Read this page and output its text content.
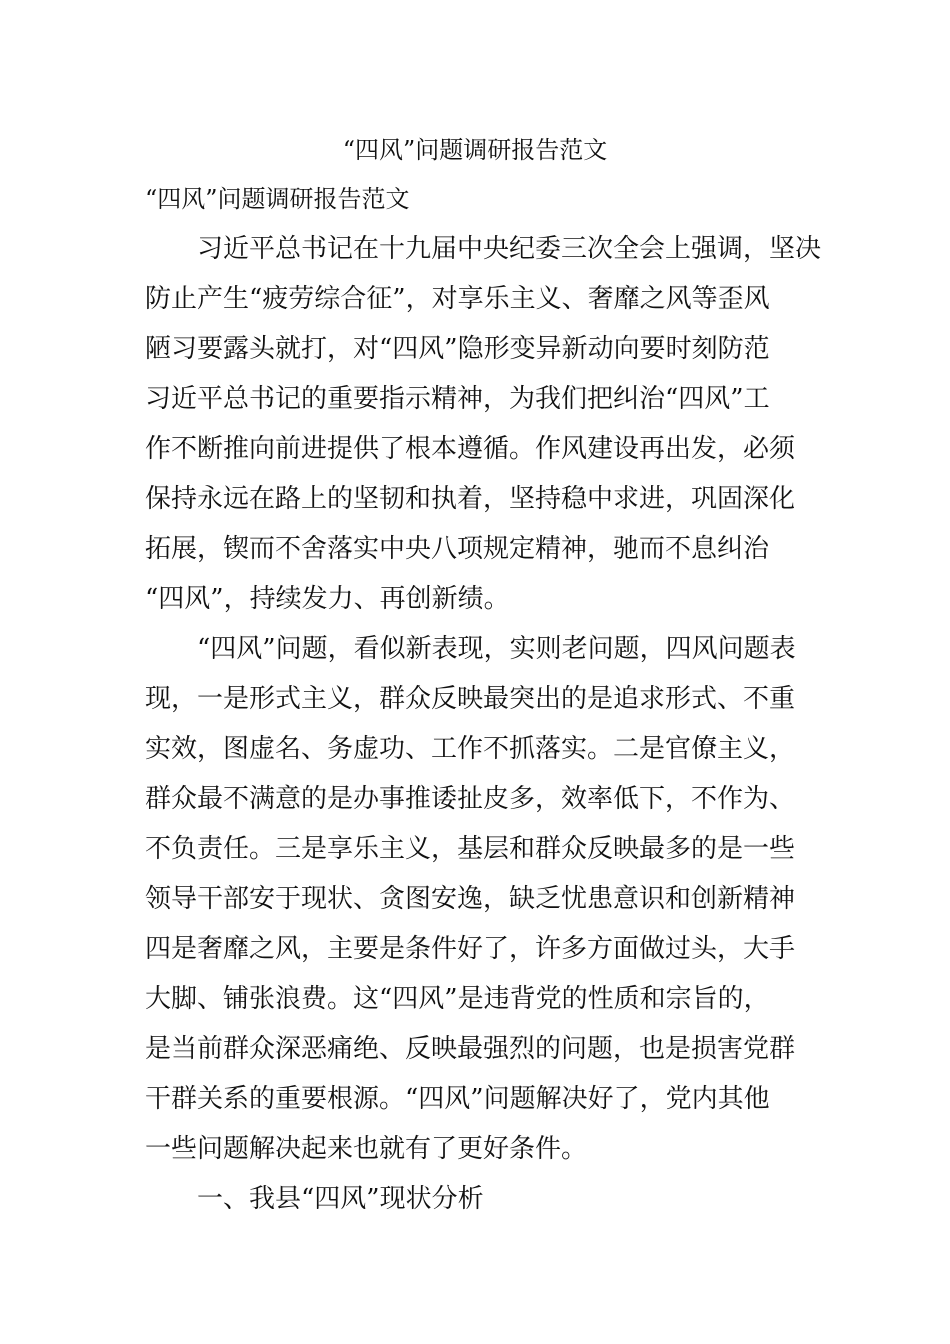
“四风”问题调研报告范文
“四风”问题调研报告范文
　　习近平总书记在十九届中央纪委三次全会上强调，坚决
防止产生“疲劳综合征”，对享乐主义、奢靡之风等歪风
陋习要露头就打，对“四风”隐形变异新动向要时刻防范
习近平总书记的重要指示精神，为我们把纠治“四风”工
作不断推向前进提供了根本遵循。作风建设再出发，必须
保持永远在路上的坚韧和执着，坚持稳中求进，巩固深化
拓展，锲而不舍落实中央八项规定精神，驰而不息纠治
“四风”，持续发力、再创新绩。
　　“四风”问题，看似新表现，实则老问题，四风问题表
现，一是形式主义，群众反映最突出的是追求形式、不重
实效，图虚名、务虚功、工作不抓落实。二是官僚主义，
群众最不满意的是办事推诿扯皮多，效率低下，不作为、
不负责任。三是享乐主义，基层和群众反映最多的是一些
领导干部安于现状、贪图安逸，缺乏忧患意识和创新精神
四是奢靡之风，主要是条件好了，许多方面做过头，大手
大脚、铺张浪费。这“四风”是违背党的性质和宗旨的，
是当前群众深恶痛绝、反映最强烈的问题，也是损害党群
干群关系的重要根源。“四风”问题解决好了，党内其他
一些问题解决起来也就有了更好条件。
　　一、我县“四风”现状分析
